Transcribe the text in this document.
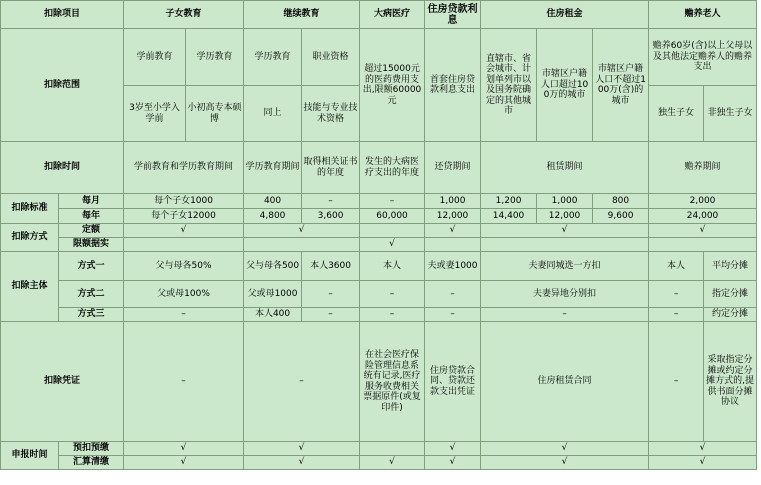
扣除项目		子女教育		继续教育		大病医疗	住房贷款利息	住房租金			赡养老人	
扣除范围		学前教育	学历教育	学历教育	职业资格	超过15000元的医药费用支出,限额60000元	首套住房贷款利息支出	直辖市、省会城市、计划单列市以及国务院确定的其他城市	市辖区户籍人口超过100万的城市	市辖区户籍人口不超过100万(含)的城市	赡养60岁(含)以上父母以及其他法定赡养人的赡养支出	
		3岁至小学入学前	小初高专本硕博	同上	技能与专业技术资格						独生子女	非独生子女
扣除时间		学前教育和学历教育期间		学历教育期间	取得相关证书的年度	发生的大病医疗支出的年度	还贷期间	租赁期间			赡养期间	
扣除标准	每月	每个子女1000		400	–	–	1,000	1,200	1,000	800	2,000	
	每年	每个子女12000		4,800	3,600	60,000	12,000	14,400	12,000	9,600	24,000	
扣除方式	定额	√		√			√	√			√	
	限额据实					√						
扣除主体	方式一	父与母各50%		父与母各500	本人3600	本人	夫或妻1000	夫妻同城选一方扣			本人	平均分摊
	方式二	父或母100%		父或母1000	–	–	–	夫妻异地分别扣			–	指定分摊
	方式三	–		本人400	–	–	–	–			–	约定分摊
扣除凭证		–		–		在社会医疗保险管理信息系统有记录,医疗服务收费相关票据原件(或复印件)	住房贷款合同、贷款还款支出凭证	住房租赁合同			–	采取指定分摊或约定分摊方式的,提供书面分摊协议
申报时间	预扣预缴	√		√			√	√			√	
	汇算清缴	√		√		√	√	√			√	
